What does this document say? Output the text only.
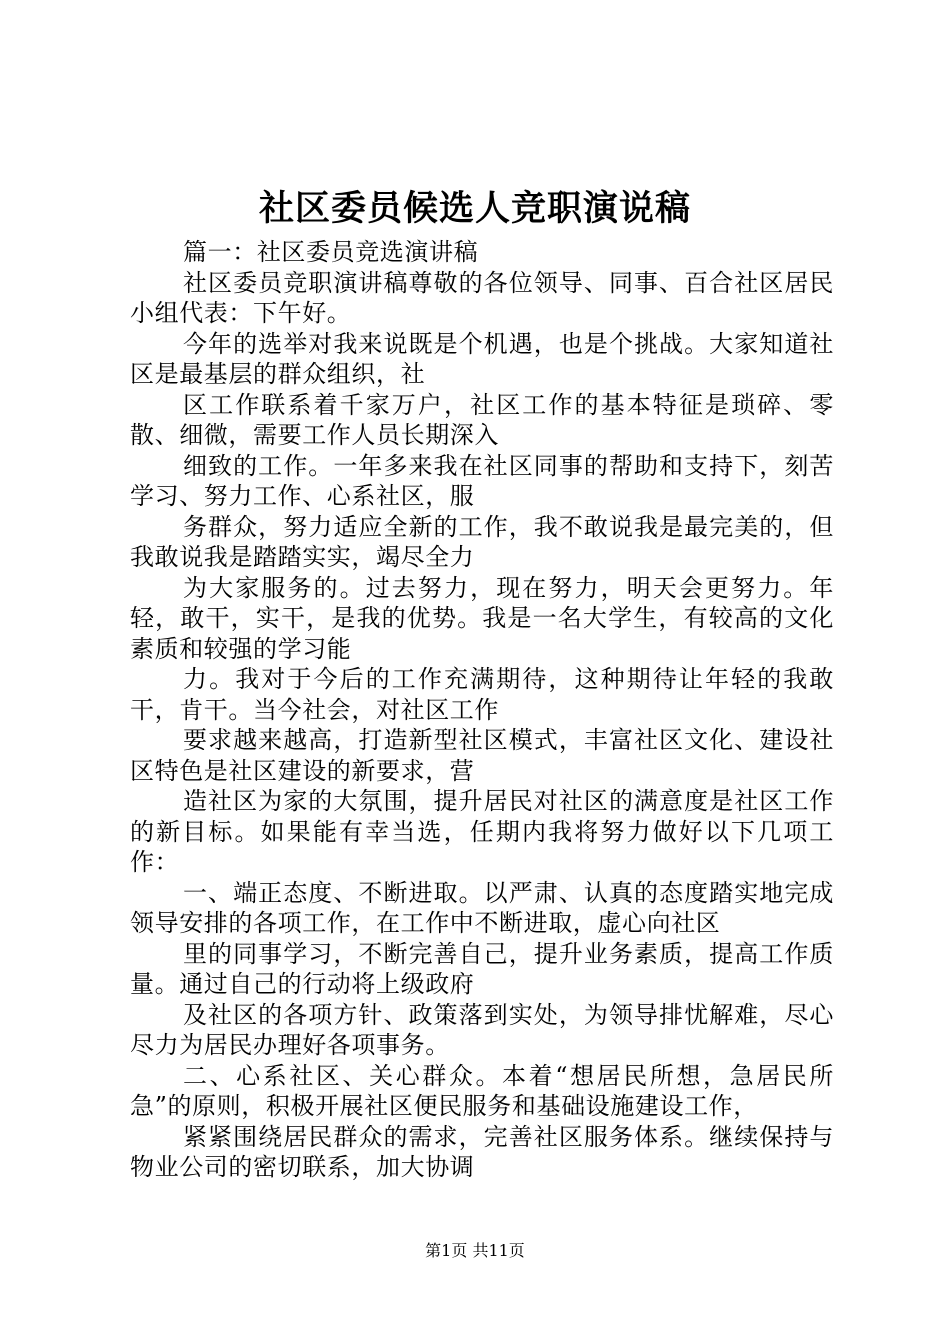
社区委员候选人竞职演说稿

篇一：社区委员竞选演讲稿

社区委员竞职演讲稿尊敬的各位领导、同事、百合社区居民小组代表：下午好。

今年的选举对我来说既是个机遇，也是个挑战。大家知道社区是最基层的群众组织，社

区工作联系着千家万户，社区工作的基本特征是琐碎、零散、细微，需要工作人员长期深入

细致的工作。一年多来我在社区同事的帮助和支持下，刻苦学习、努力工作、心系社区，服

务群众，努力适应全新的工作，我不敢说我是最完美的，但我敢说我是踏踏实实，竭尽全力

为大家服务的。过去努力，现在努力，明天会更努力。年轻，敢干，实干，是我的优势。我是一名大学生，有较高的文化素质和较强的学习能

力。我对于今后的工作充满期待，这种期待让年轻的我敢干，肯干。当今社会，对社区工作

要求越来越高，打造新型社区模式，丰富社区文化、建设社区特色是社区建设的新要求，营

造社区为家的大氛围，提升居民对社区的满意度是社区工作的新目标。如果能有幸当选，任期内我将努力做好以下几项工作：

一、端正态度、不断进取。以严肃、认真的态度踏实地完成领导安排的各项工作，在工作中不断进取，虚心向社区

里的同事学习，不断完善自己，提升业务素质，提高工作质量。通过自己的行动将上级政府

及社区的各项方针、政策落到实处，为领导排忧解难，尽心尽力为居民办理好各项事务。

二、心系社区、关心群众。本着“想居民所想，急居民所急”的原则，积极开展社区便民服务和基础设施建设工作，

紧紧围绕居民群众的需求，完善社区服务体系。继续保持与物业公司的密切联系，加大协调

第1页 共11页
